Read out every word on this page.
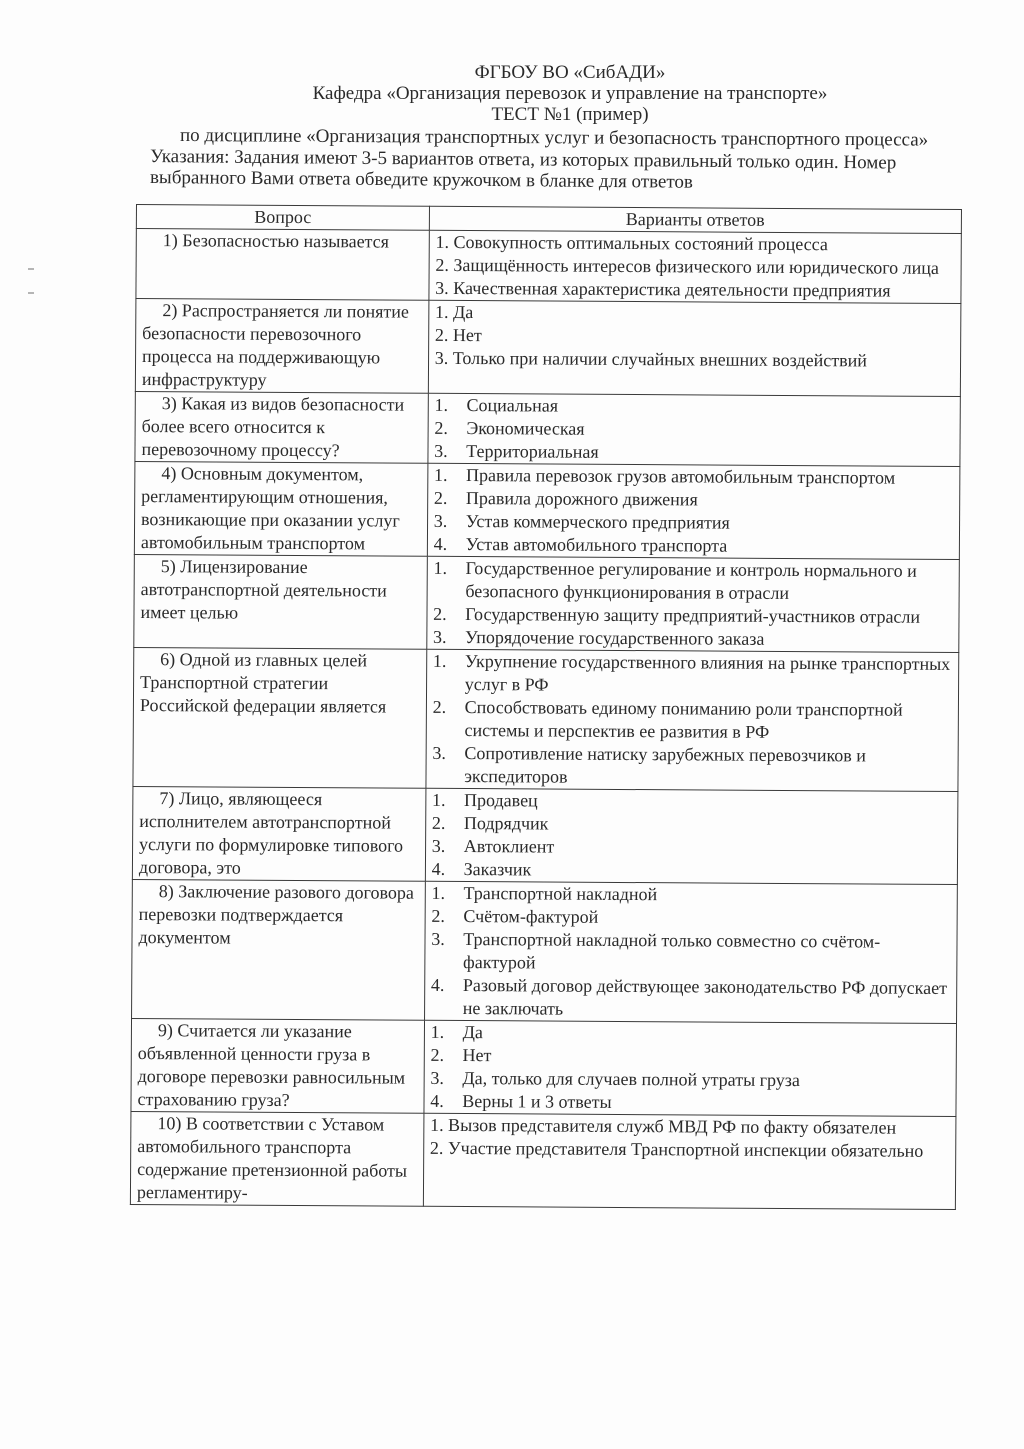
ФГБОУ ВО «СибАДИ»
Кафедра «Организация перевозок и управление на транспорте»
ТЕСТ №1 (пример)
по дисциплине «Организация транспортных услуг и безопасность транспортного процесса»
Указания: Задания имеют 3-5 вариантов ответа, из которых правильный только один. Номер
выбранного Вами ответа обведите кружочком в бланке для ответов
Вопрос	Варианты ответов
1) Безопасностью называется	1. Совокупность оптимальных состояний процесса
2. Защищённость интересов физического или юридического лица
3. Качественная характеристика деятельности предприятия

2) Распространяется ли понятие безопасности перевозочного процесса на поддерживающую инфраструктуру	1. Да
2. Нет
3. Только при наличии случайных внешних воздействий

3) Какая из видов безопасности более всего относится к перевозочному процессу?	1. Социальная
2. Экономическая
3. Территориальная

4) Основным документом, регламентирующим отношения, возникающие при оказании услуг автомобильным транспортом	1. Правила перевозок грузов автомобильным транспортом
2. Правила дорожного движения
3. Устав коммерческого предприятия
4. Устав автомобильного транспорта

5) Лицензирование автотранспортной деятельности имеет целью	1. Государственное регулирование и контроль нормального и безопасного функционирования в отрасли
2. Государственную защиту предприятий-участников отрасли
3. Упорядочение государственного заказа

6) Одной из главных целей Транспортной стратегии Российской федерации является	1. Укрупнение государственного влияния на рынке транспортных услуг в РФ
2. Способствовать единому пониманию роли транспортной системы и перспектив ее развития в РФ
3. Сопротивление натиску зарубежных перевозчиков и экспедиторов

7) Лицо, являющееся исполнителем автотранспортной услуги по формулировке типового договора, это	1. Продавец
2. Подрядчик
3. Автоклиент
4. Заказчик

8) Заключение разового договора перевозки подтверждается документом	1. Транспортной накладной
2. Счётом-фактурой
3. Транспортной накладной только совместно со счётом-фактурой
4. Разовый договор действующее законодательство РФ допускает не заключать

9) Считается ли указание объявленной ценности груза в договоре перевозки равносильным страхованию груза?	1. Да
2. Нет
3. Да, только для случаев полной утраты груза
4. Верны 1 и 3 ответы

10) В соответствии с Уставом автомобильного транспорта содержание претензионной работы регламентиру-	1. Вызов представителя служб МВД РФ по факту обязателен
2. Участие представителя Транспортной инспекции обязательно
